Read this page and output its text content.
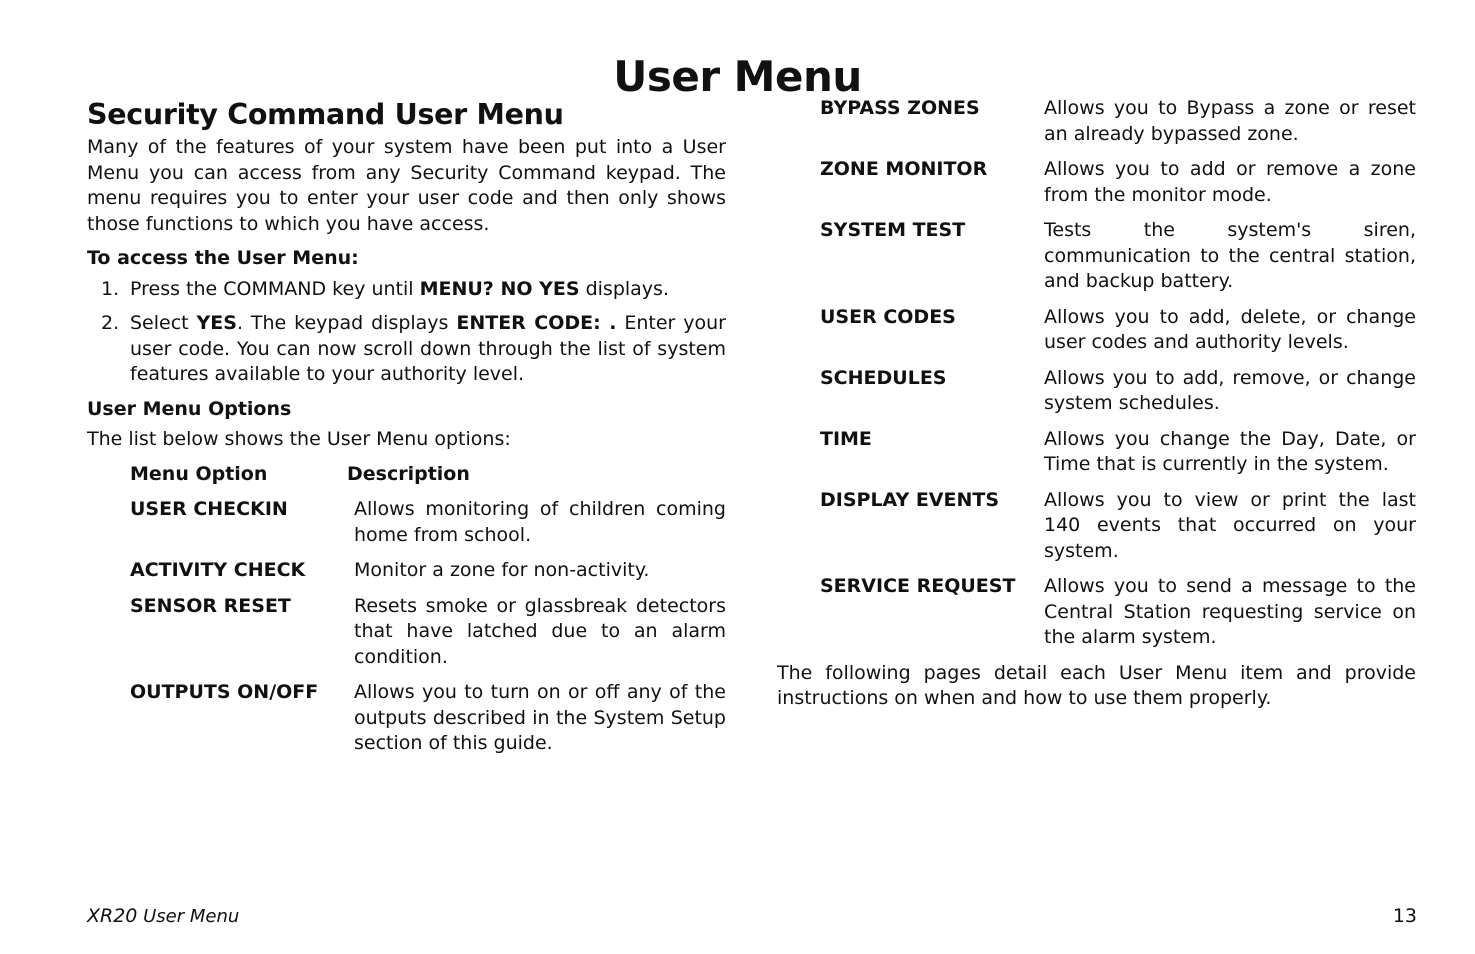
User Menu
Security Command User Menu

Many of the features of your system have been put into a User Menu you can access from any Security Command keypad. The menu requires you to enter your user code and then only shows those functions to which you have access.

To access the User Menu:
1. Press the COMMAND key until MENU? NO YES displays.
2. Select YES. The keypad displays ENTER CODE: . Enter your user code. You can now scroll down through the list of system features available to your authority level.
User Menu Options

The list below shows the User Menu options:

Menu Option	Description
USER CHECKIN	Allows monitoring of children coming home from school.
ACTIVITY CHECK	Monitor a zone for non-activity.
SENSOR RESET	Resets smoke or glassbreak detectors that have latched due to an alarm condition.
OUTPUTS ON/OFF	Allows you to turn on or off any of the outputs described in the System Setup section of this guide.
BYPASS ZONES	Allows you to Bypass a zone or reset an already bypassed zone.
ZONE MONITOR	Allows you to add or remove a zone from the monitor mode.
SYSTEM TEST	Tests the system's siren, communication to the central station, and backup battery.
USER CODES	Allows you to add, delete, or change user codes and authority levels.
SCHEDULES	Allows you to add, remove, or change system schedules.
TIME	Allows you change the Day, Date, or Time that is currently in the system.
DISPLAY EVENTS	Allows you to view or print the last 140 events that occurred on your system.
SERVICE REQUEST	Allows you to send a message to the Central Station requesting service on the alarm system.

The following pages detail each User Menu item and provide instructions on when and how to use them properly.

XR20 User Menu	13
